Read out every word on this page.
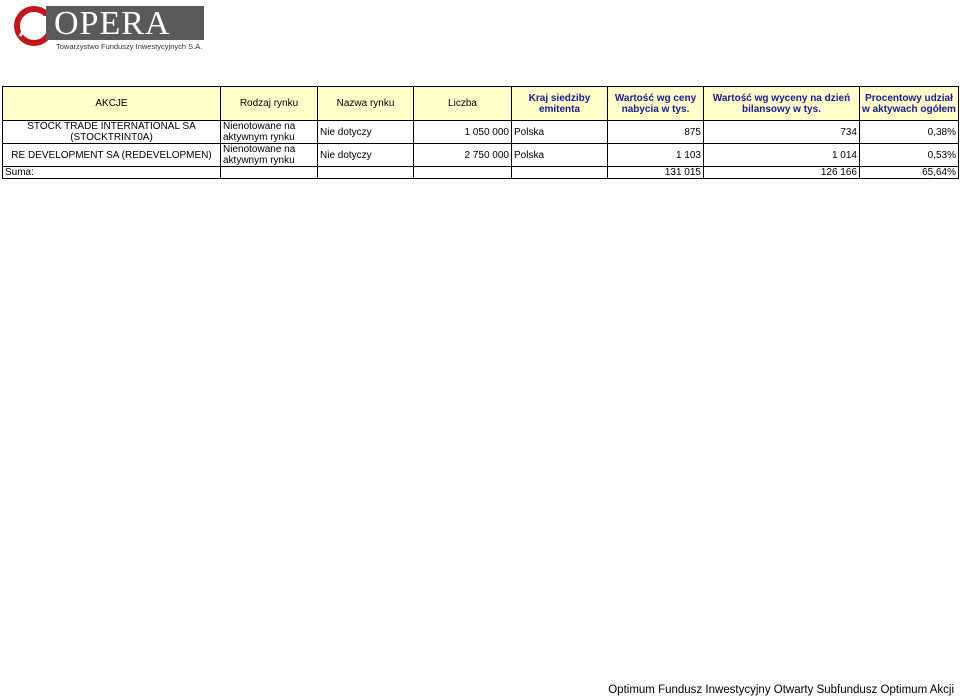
OPERA
Towarzystwo Funduszy Inwestycyjnych S.A.
AKCJE	Rodzaj rynku	Nazwa rynku	Liczba	Kraj siedziby emitenta	Wartość wg ceny nabycia w tys.	Wartość wg wyceny na dzień bilansowy w tys.	Procentowy udział w aktywach ogółem
STOCK TRADE INTERNATIONAL SA (STOCKTRINT0A)	Nienotowane na aktywnym rynku	Nie dotyczy	1 050 000	Polska	875	734	0,38%
RE DEVELOPMENT SA (REDEVELOPMEN)	Nienotowane na aktywnym rynku	Nie dotyczy	2 750 000	Polska	1 103	1 014	0,53%
Suma:					131 015	126 166	65,64%
Optimum Fundusz Inwestycyjny Otwarty Subfundusz Optimum Akcji
